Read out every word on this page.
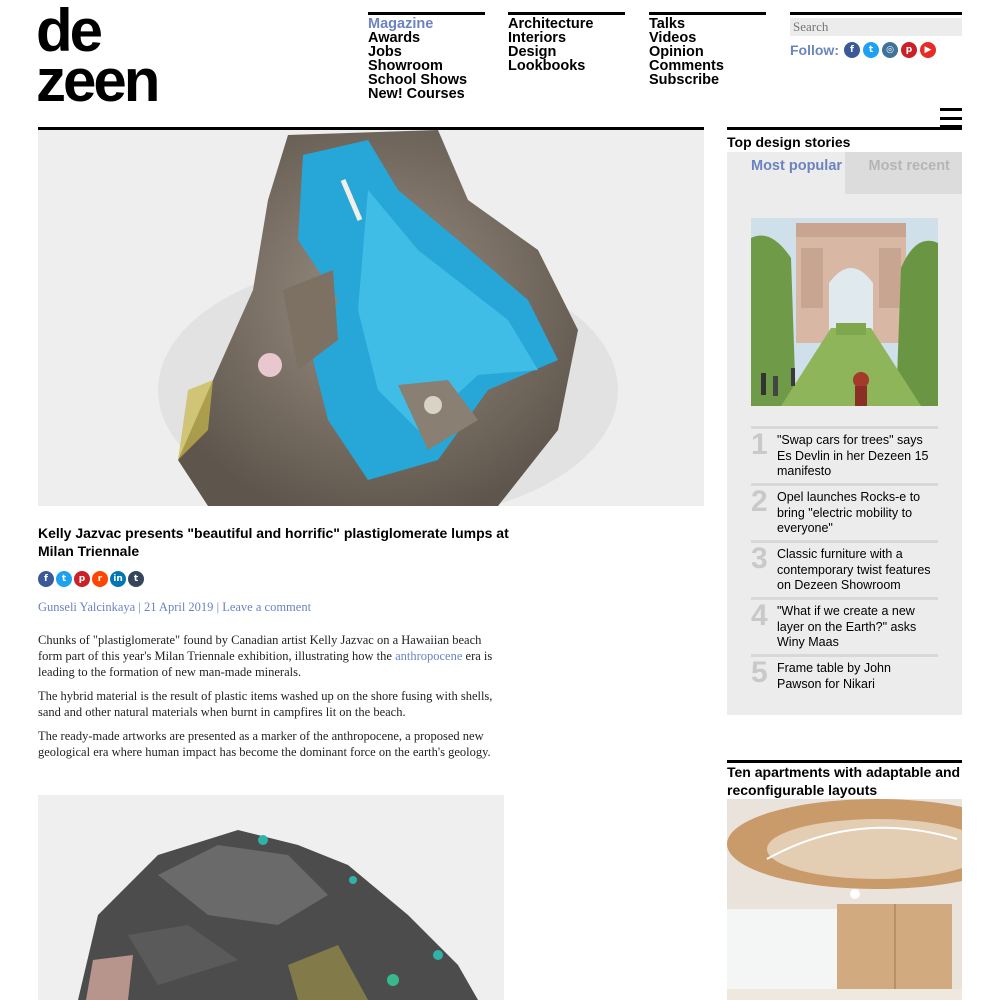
de
zeen
Magazine
Awards
Jobs
Showroom
School Shows
New! Courses
Architecture
Interiors
Design
Lookbooks
Talks
Videos
Opinion
Comments
Subscribe
Search
Follow:	f	t	◎	p	▶
Kelly Jazvac presents "beautiful and horrific" plastiglomerate lumps at Milan Triennale
f	t	p	r	in	t
Gunseli Yalcinkaya | 21 April 2019 | Leave a comment

Chunks of "plastiglomerate" found by Canadian artist Kelly Jazvac on a Hawaiian beach form part of this year's Milan Triennale exhibition, illustrating how the anthropocene era is leading to the formation of new man-made minerals.

The hybrid material is the result of plastic items washed up on the shore fusing with shells, sand and other natural materials when burnt in campfires lit on the beach.

The ready-made artworks are presented as a marker of the anthropocene, a proposed new geological era where human impact has become the dominant force on the earth's geology.

Top design stories
Most popular	Most recent
1 "Swap cars for trees" says Es Devlin in her Dezeen 15 manifesto
2 Opel launches Rocks-e to bring "electric mobility to everyone"
3 Classic furniture with a contemporary twist features on Dezeen Showroom
4 "What if we create a new layer on the Earth?" asks Winy Maas
5 Frame table by John Pawson for Nikari
Ten apartments with adaptable and reconfigurable layouts
